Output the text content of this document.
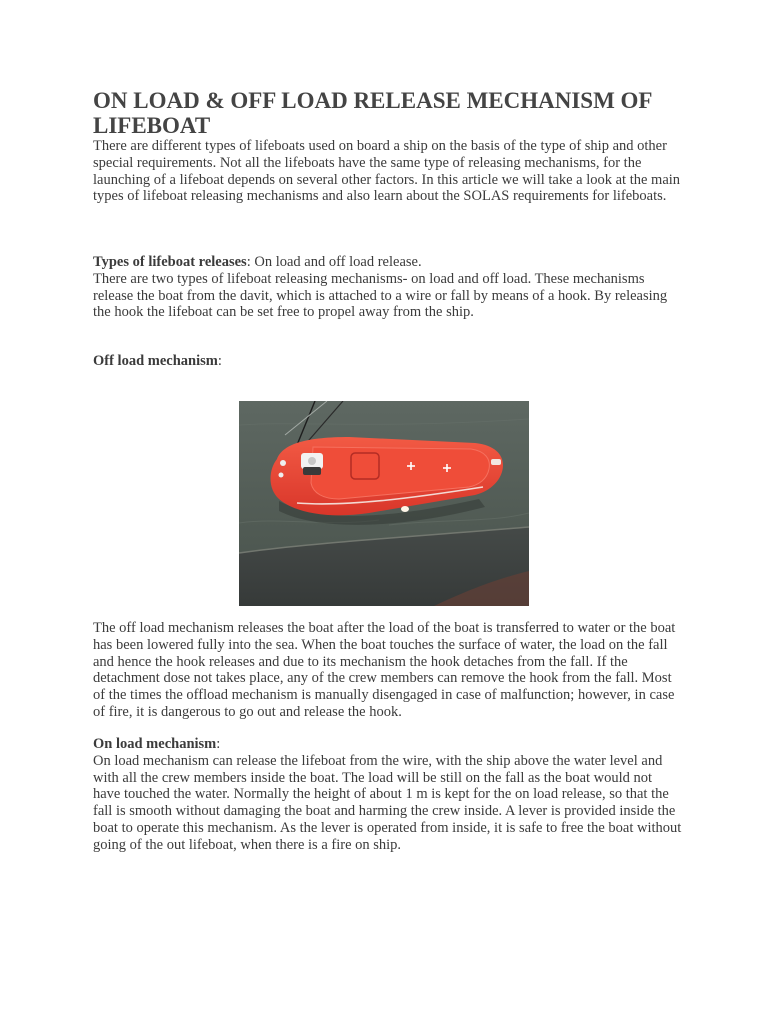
ON LOAD & OFF LOAD RELEASE MECHANISM OF LIFEBOAT

There are different types of lifeboats used on board a ship on the basis of the type of ship and other special requirements. Not all the lifeboats have the same type of releasing mechanisms, for the launching of a lifeboat depends on several other factors. In this article we will take a look at the main types of lifeboat releasing mechanisms and also learn about the SOLAS requirements for lifeboats.

Types of lifeboat releases: On load and off load release.

There are two types of lifeboat releasing mechanisms- on load and off load. These mechanisms release the boat from the davit, which is attached to a wire or fall by means of a hook. By releasing the hook the lifeboat can be set free to propel away from the ship.

Off load mechanism:

The off load mechanism releases the boat after the load of the boat is transferred to water or the boat has been lowered fully into the sea. When the boat touches the surface of water, the load on the fall and hence the hook releases and due to its mechanism the hook detaches from the fall. If the detachment dose not takes place, any of the crew members can remove the hook from the fall. Most of the times the offload mechanism is manually disengaged in case of malfunction; however, in case of fire, it is dangerous to go out and release the hook.

On load mechanism:

On load mechanism can release the lifeboat from the wire, with the ship above the water level and with all the crew members inside the boat. The load will be still on the fall as the boat would not have touched the water. Normally the height of about 1 m is kept for the on load release, so that the fall is smooth without damaging the boat and harming the crew inside. A lever is provided inside the boat to operate this mechanism. As the lever is operated from inside, it is safe to free the boat without going of the out lifeboat, when there is a fire on ship.
